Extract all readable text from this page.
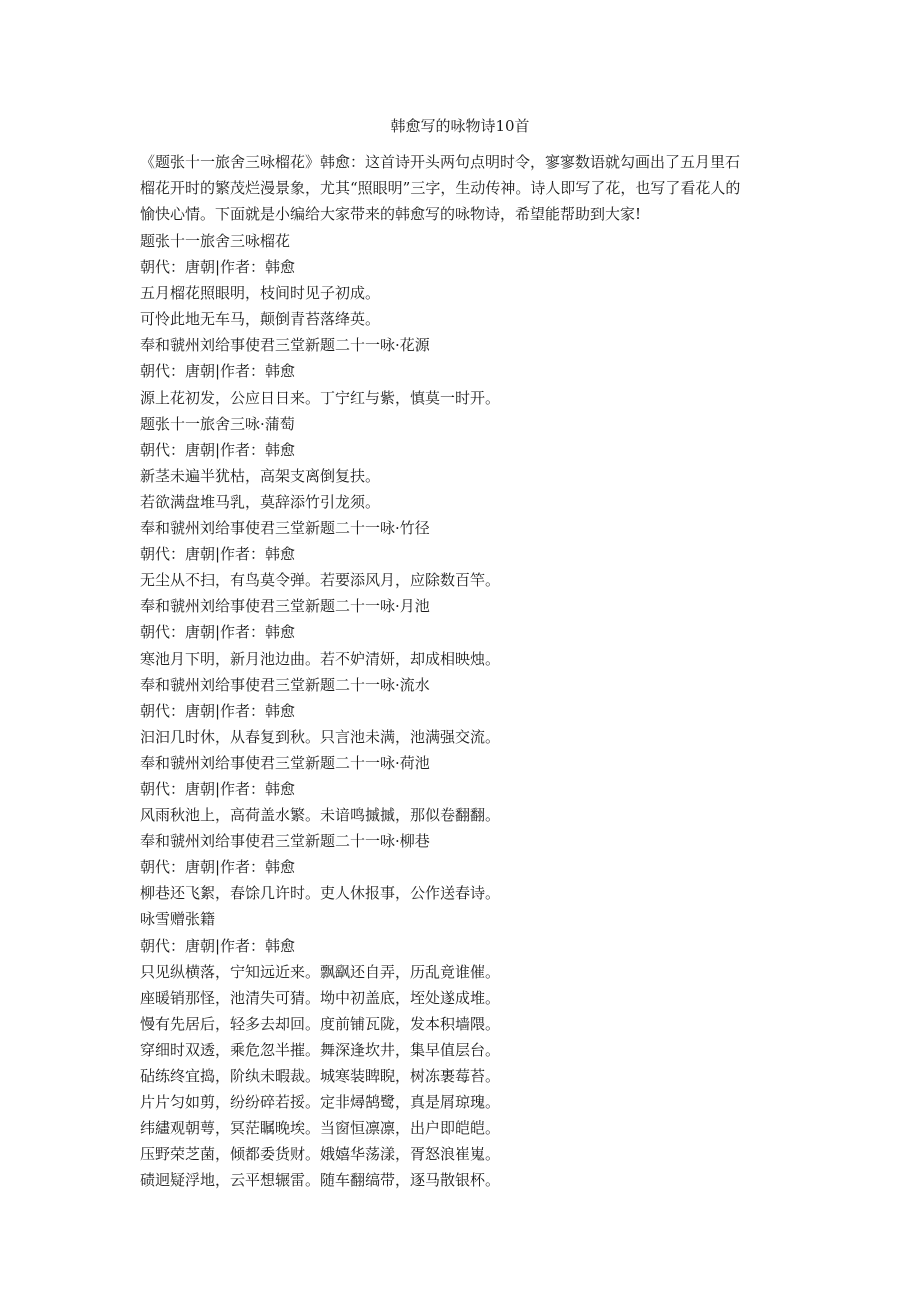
韩愈写的咏物诗10首

《题张十一旅舍三咏榴花》韩愈：这首诗开头两句点明时令，寥寥数语就勾画出了五月里石

榴花开时的繁茂烂漫景象，尤其“照眼明”三字，生动传神。诗人即写了花，也写了看花人的

愉快心情。下面就是小编给大家带来的韩愈写的咏物诗，希望能帮助到大家!

题张十一旅舍三咏榴花

朝代：唐朝|作者：韩愈

五月榴花照眼明，枝间时见子初成。

可怜此地无车马，颠倒青苔落绛英。

奉和虢州刘给事使君三堂新题二十一咏·花源

朝代：唐朝|作者：韩愈

源上花初发，公应日日来。丁宁红与紫，慎莫一时开。

题张十一旅舍三咏·蒲萄

朝代：唐朝|作者：韩愈

新茎未遍半犹枯，高架支离倒复扶。

若欲满盘堆马乳，莫辞添竹引龙须。

奉和虢州刘给事使君三堂新题二十一咏·竹径

朝代：唐朝|作者：韩愈

无尘从不扫，有鸟莫令弹。若要添风月，应除数百竿。

奉和虢州刘给事使君三堂新题二十一咏·月池

朝代：唐朝|作者：韩愈

寒池月下明，新月池边曲。若不妒清妍，却成相映烛。

奉和虢州刘给事使君三堂新题二十一咏·流水

朝代：唐朝|作者：韩愈

汩汩几时休，从春复到秋。只言池未满，池满强交流。

奉和虢州刘给事使君三堂新题二十一咏·荷池

朝代：唐朝|作者：韩愈

风雨秋池上，高荷盖水繁。未谙鸣摵摵，那似卷翻翻。

奉和虢州刘给事使君三堂新题二十一咏·柳巷

朝代：唐朝|作者：韩愈

柳巷还飞絮，春馀几许时。吏人休报事，公作送春诗。

咏雪赠张籍

朝代：唐朝|作者：韩愈

只见纵横落，宁知远近来。飘飖还自弄，历乱竟谁催。

座暖销那怪，池清失可猜。坳中初盖底，垤处遂成堆。

慢有先居后，轻多去却回。度前铺瓦陇，发本积墙隈。

穿细时双透，乘危忽半摧。舞深逢坎井，集早值层台。

砧练终宜捣，阶纨未暇裁。城寒装睥睨，树冻裹莓苔。

片片匀如剪，纷纷碎若挼。定非燖鹄鹭，真是屑琼瑰。

纬繣观朝萼，冥茫瞩晚埃。当窗恒凛凛，出户即皑皑。

压野荣芝菌，倾都委货财。娥嬉华荡漾，胥怒浪崔嵬。

碛迥疑浮地，云平想辗雷。随车翻缟带，逐马散银杯。
